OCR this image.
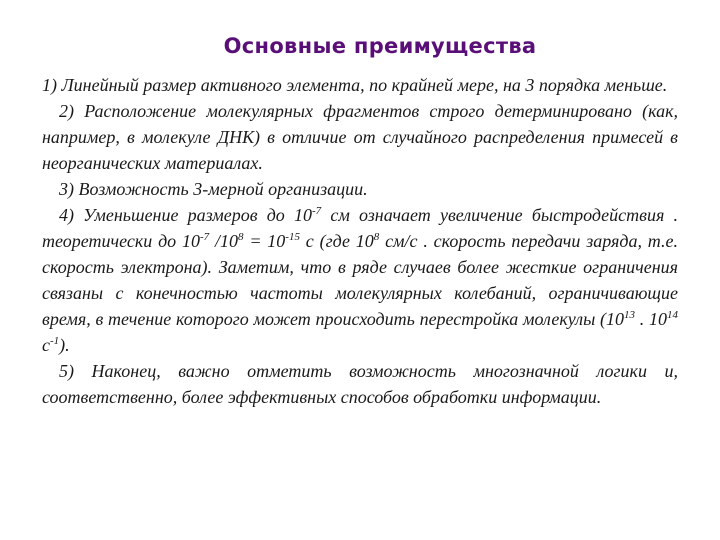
Основные преимущества

1) Линейный размер активного элемента, по крайней мере, на 3 порядка меньше.

2) Расположение молекулярных фрагментов строго детерминировано (как, например, в молекуле ДНК) в отличие от случайного распределения примесей в неорганических материалах.

3) Возможность 3-мерной организации.

4) Уменьшение размеров до $10^{-7}$ см означает увеличение быстродействия . теоретически до $10^{-7}$ $/10^8 = 10^{-15}$ с (где $10^8$ см/с . скорость передачи заряда, т.е. скорость электрона). Заметим, что в ряде случаев более жесткие ограничения связаны с конечностью частоты молекулярных колебаний, ограничивающие время, в течение которого может происходить перестройка молекулы ($10^{13}$ . $10^{14}$ $с^{-1}$).

5) Наконец, важно отметить возможность многозначной логики и, соответственно, более эффективных способов обработки информации.
